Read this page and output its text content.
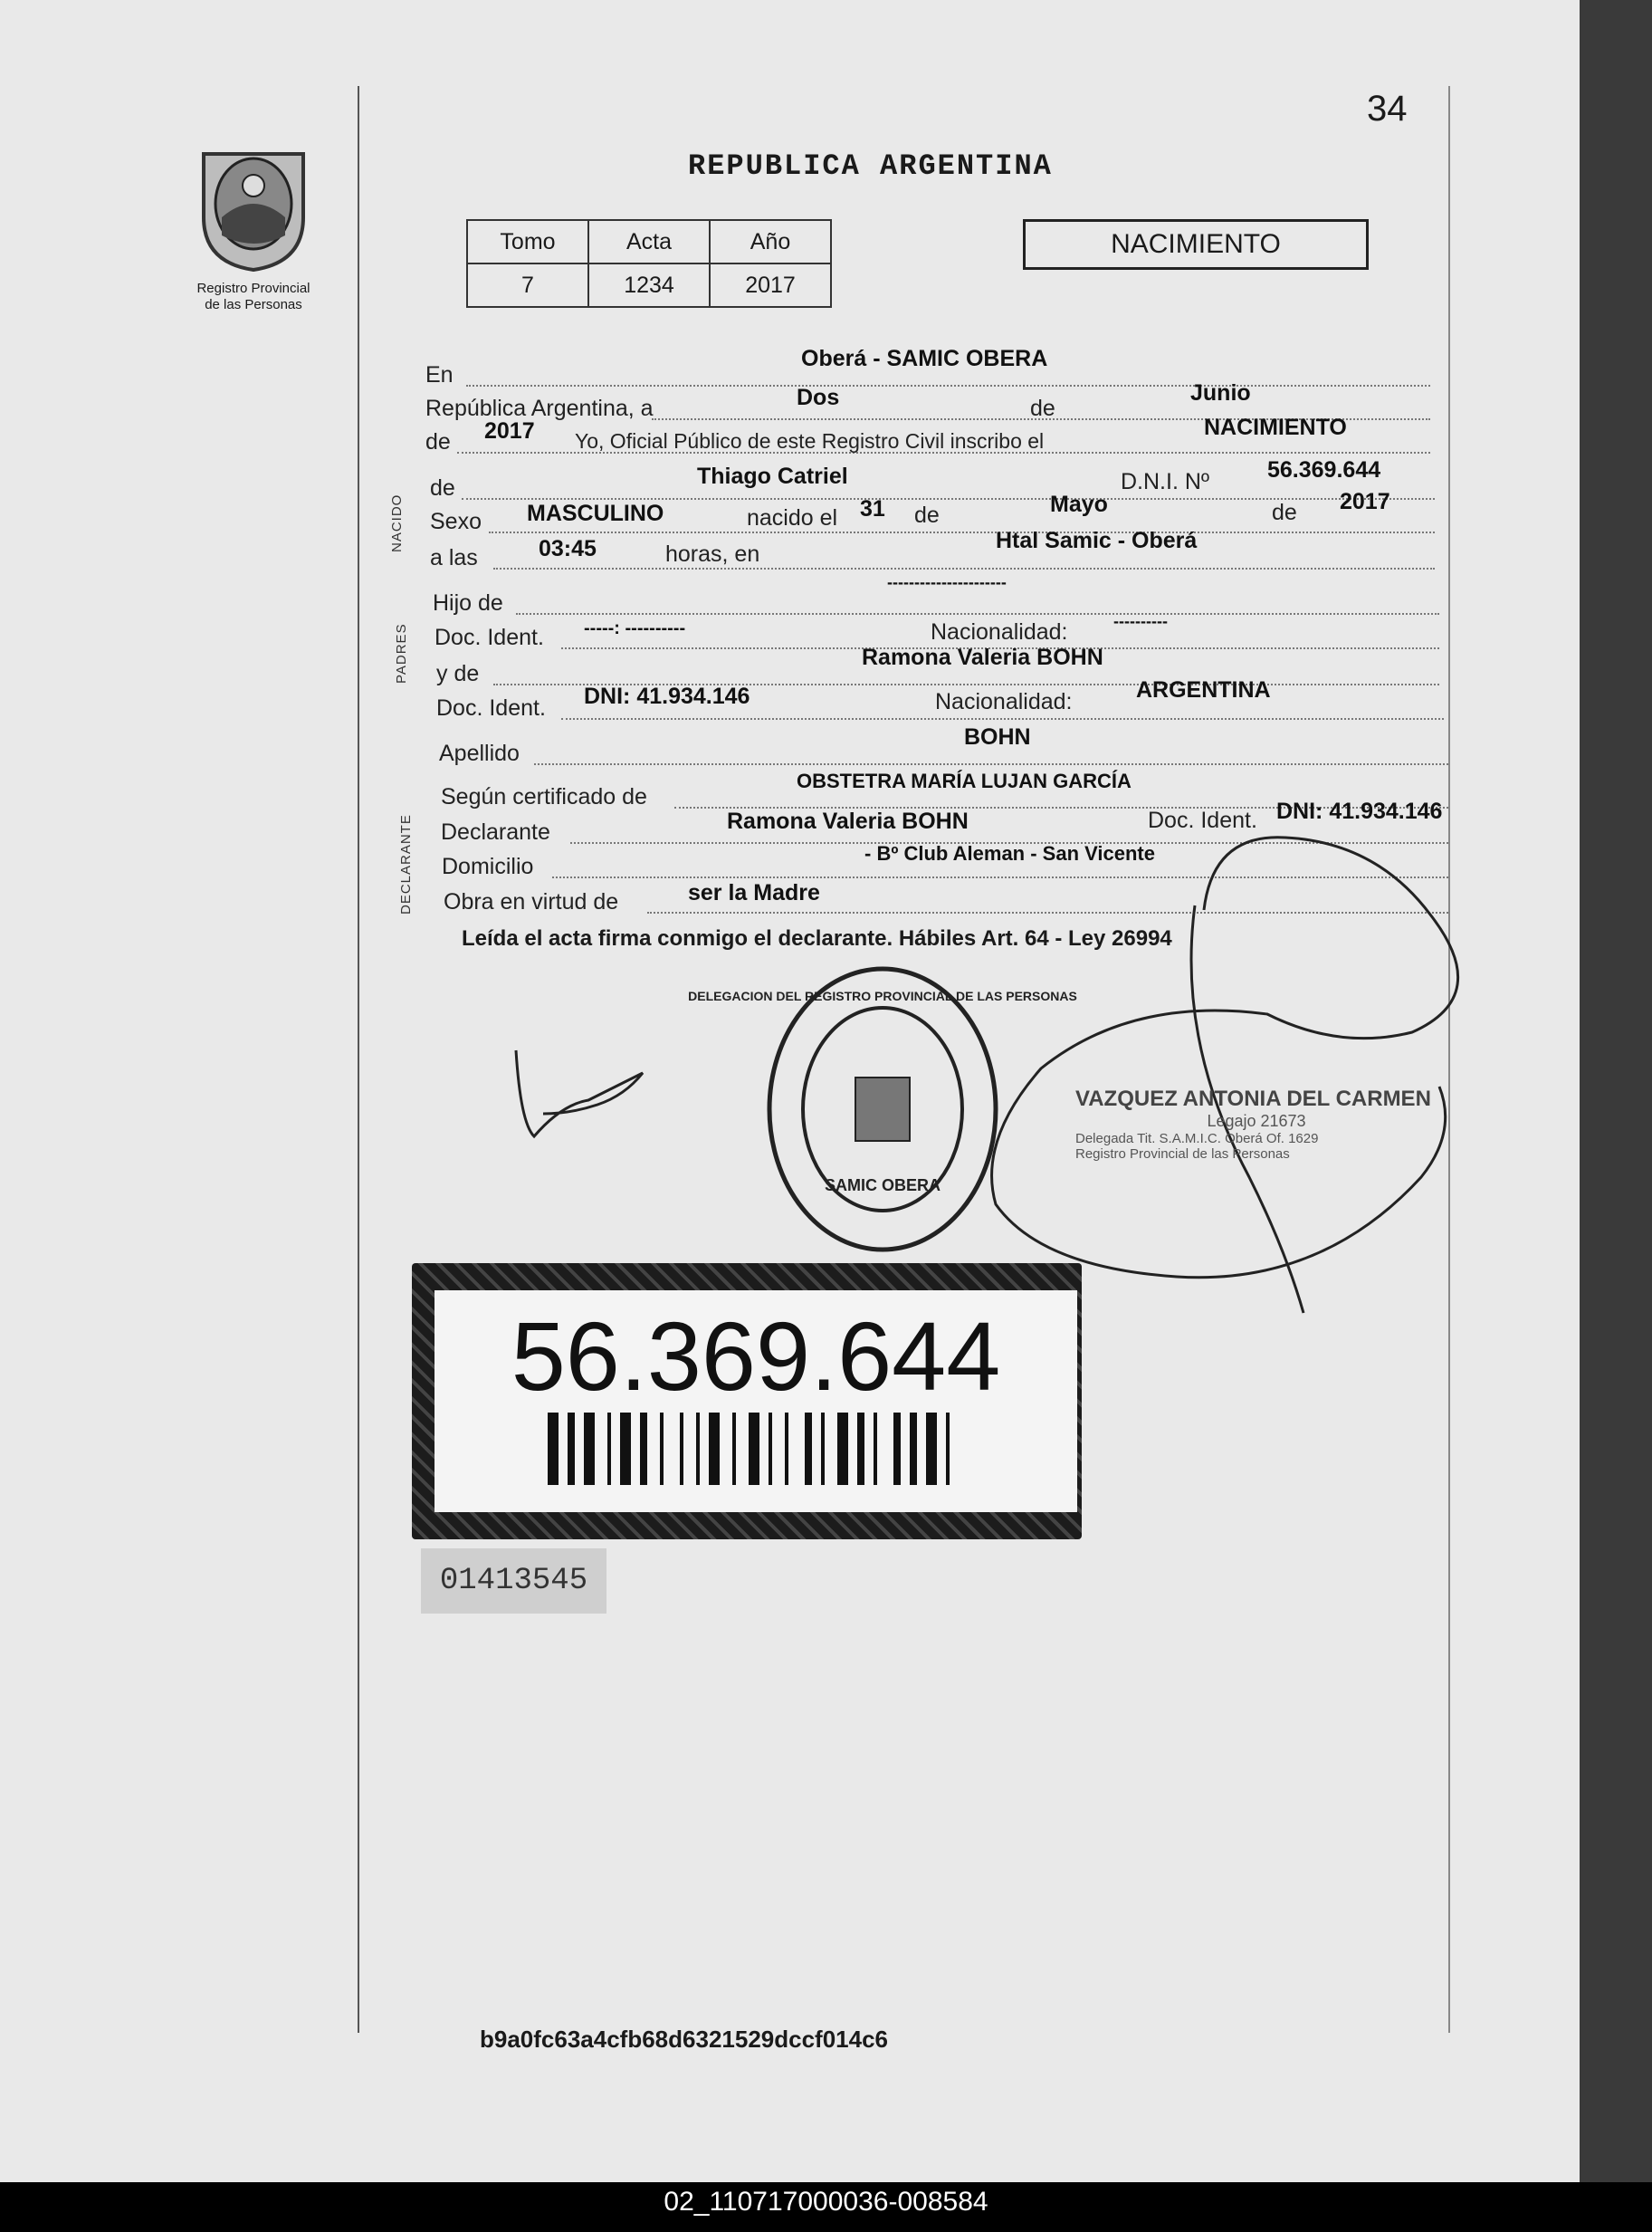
34
Registro Provincial
de las Personas
REPUBLICA ARGENTINA
Tomo	Acta	Año
7	1234	2017
NACIMIENTO
En
Oberá - SAMIC OBERA
República Argentina, a	Dos	de
Junio
de 2017 Yo, Oficial Público de este Registro Civil inscribo el
NACIMIENTO
NACIDO
de	Thiago Catriel	D.N.I. Nº	56.369.644
Sexo MASCULINO	nacido el 31 de	Mayo	de 2017
a las	03:45	horas, en
Htal Samic - Oberá
PADRES
Hijo de
----------------------
Doc. Ident. -----: ----------	Nacionalidad:	----------
y de
Ramona Valeria BOHN
Doc. Ident. DNI: 41.934.146	Nacionalidad:	ARGENTINA
Apellido
BOHN
DECLARANTE
Según certificado de
OBSTETRA MARÍA LUJAN GARCÍA
Declarante	Ramona Valeria BOHN	Doc. Ident. DNI: 41.934.146
Domicilio
- Bº Club Aleman - San Vicente
Obra en virtud de	ser la Madre
Leída el acta firma conmigo el declarante. Hábiles Art. 64 - Ley 26994
SAMIC OBERA
DELEGACION DEL REGISTRO PROVINCIAL DE LAS PERSONAS
VAZQUEZ ANTONIA DEL CARMEN
Legajo 21673
Delegada Tit. S.A.M.I.C. Oberá Of. 1629
Registro Provincial de las Personas
56.369.644
01413545
b9a0fc63a4cfb68d6321529dccf014c6
02_110717000036-008584
